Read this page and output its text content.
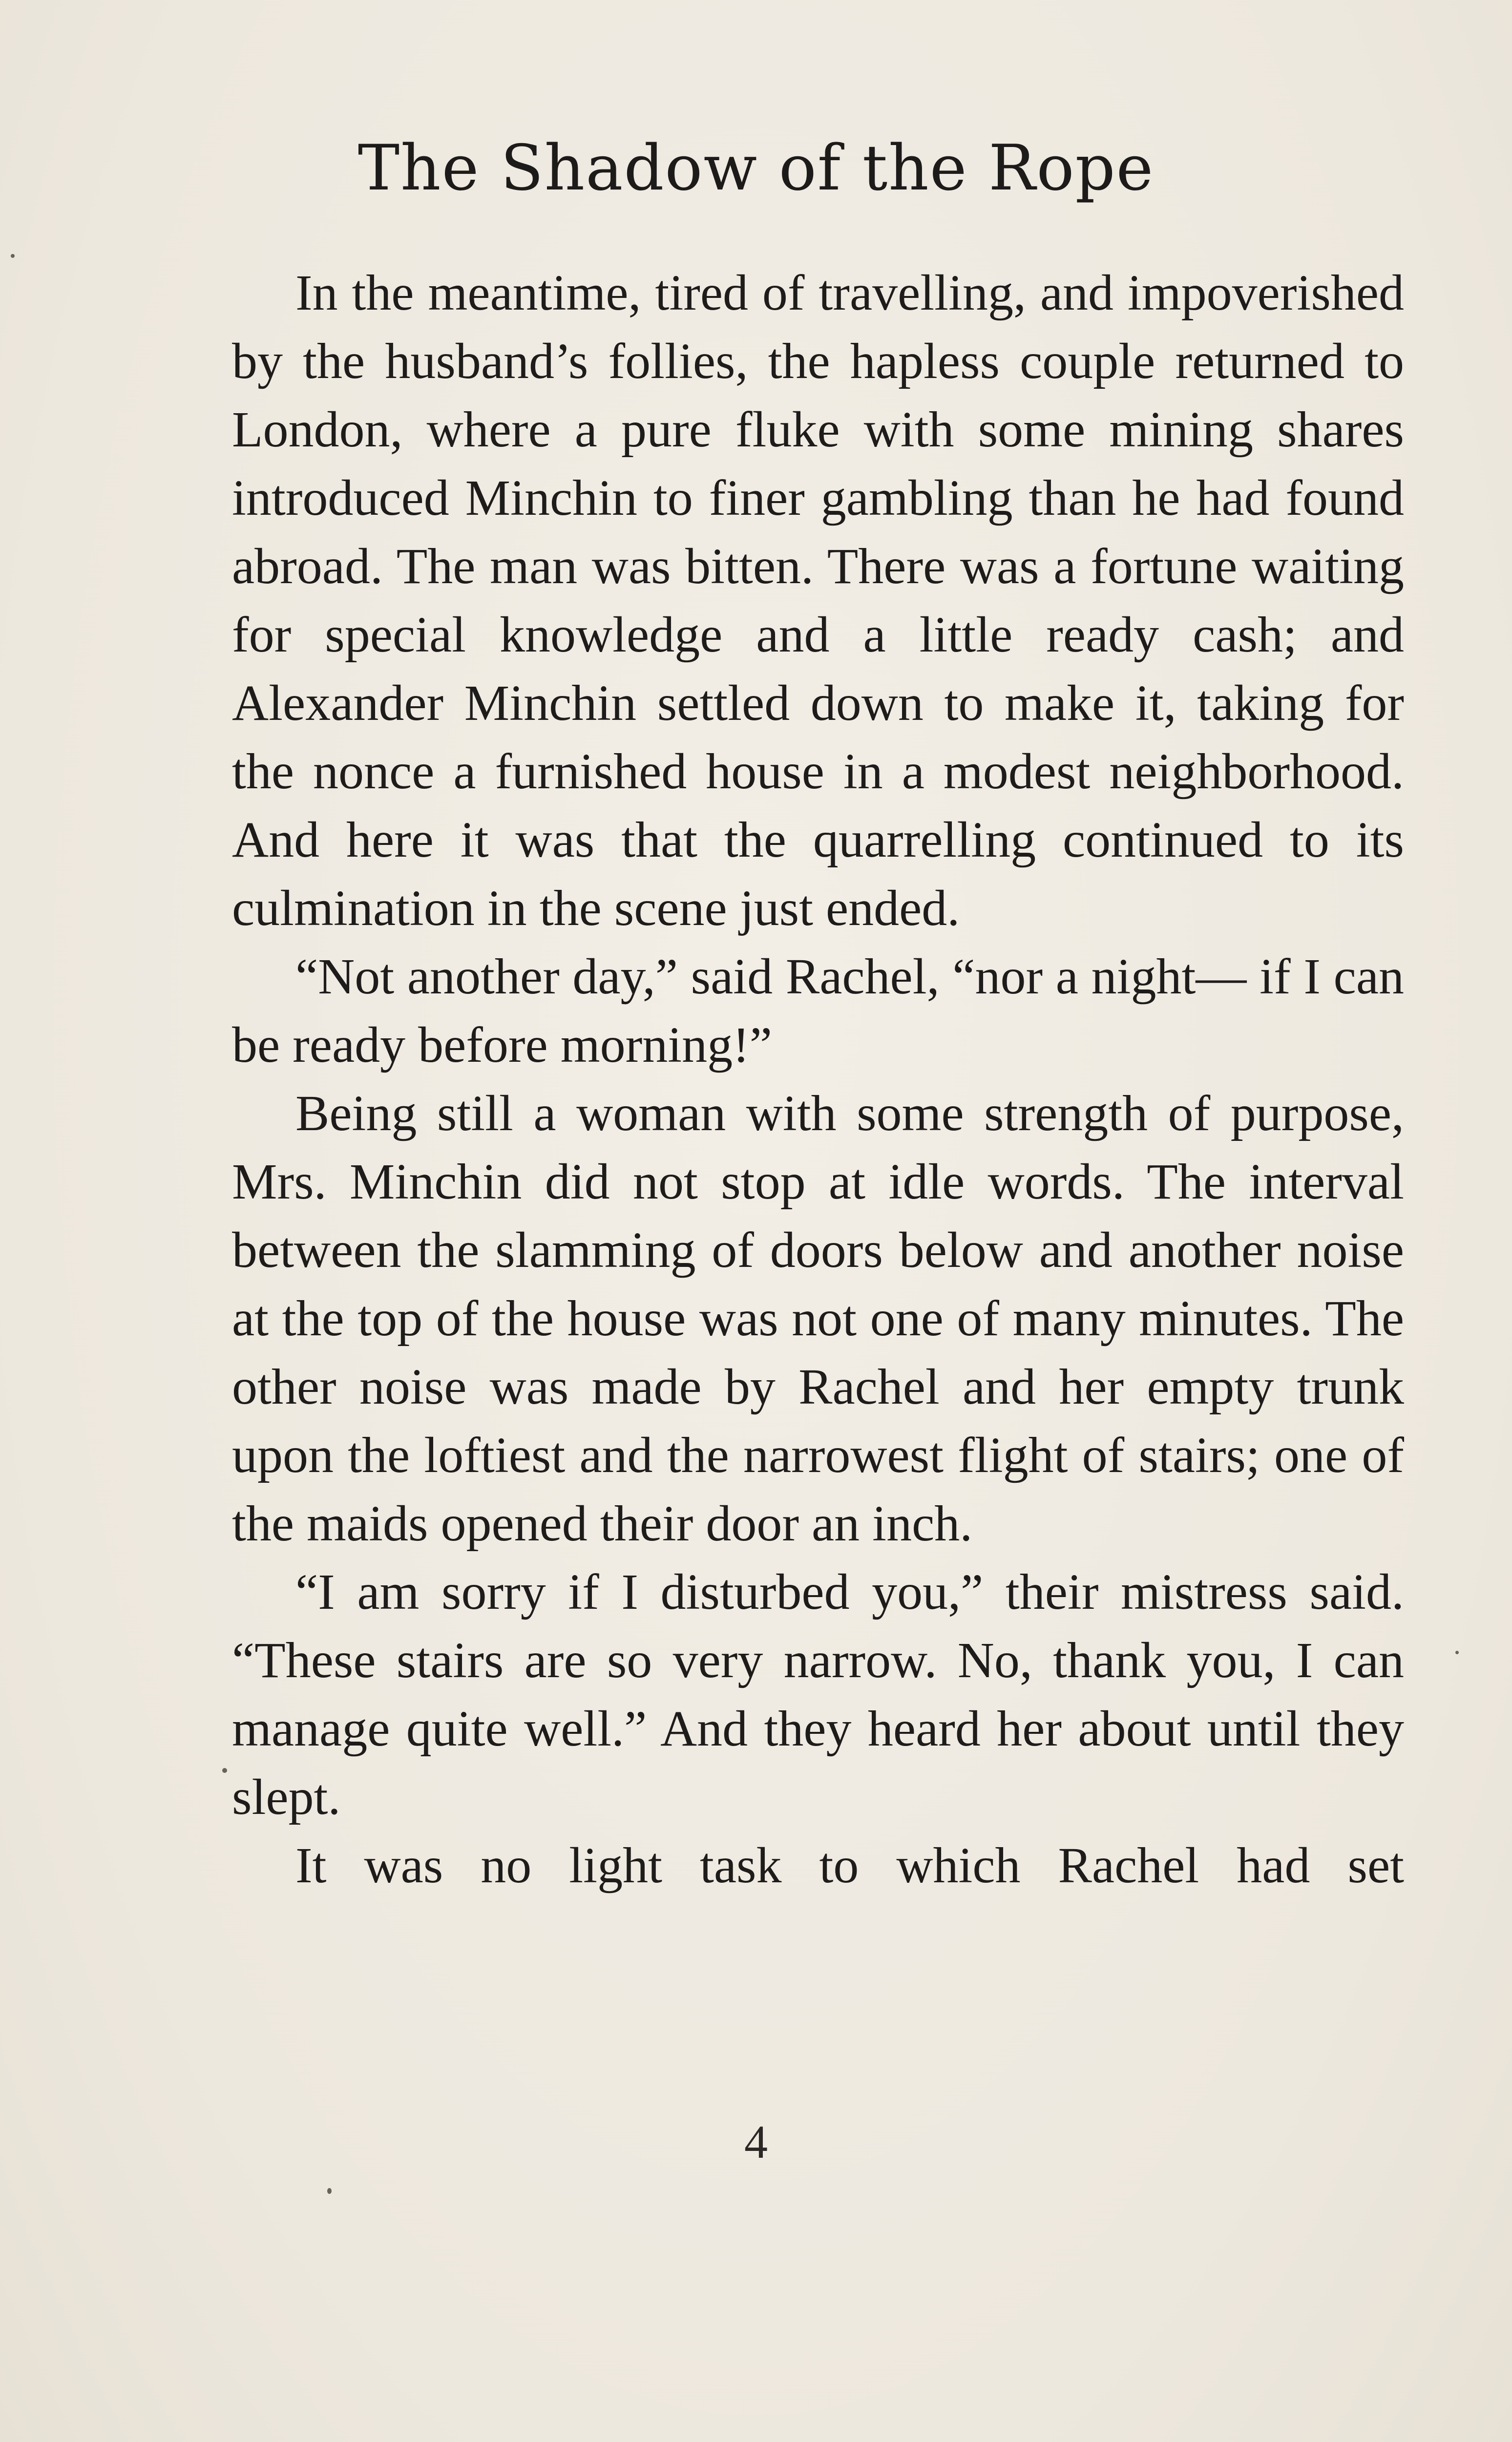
The Shadow of the Rope

In the meantime, tired of travelling, and impoverished by the husband’s follies, the hapless couple returned to London, where a pure fluke with some mining shares introduced Minchin to finer gambling than he had found abroad. The man was bitten. There was a fortune waiting for special knowledge and a little ready cash; and Alexander Minchin settled down to make it, taking for the nonce a furnished house in a modest neighborhood. And here it was that the quarrelling continued to its culmination in the scene just ended.

“Not another day,” said Rachel, “nor a night— if I can be ready before morning!”

Being still a woman with some strength of purpose, Mrs. Minchin did not stop at idle words. The interval between the slamming of doors below and another noise at the top of the house was not one of many minutes. The other noise was made by Rachel and her empty trunk upon the loftiest and the narrowest flight of stairs; one of the maids opened their door an inch.

“I am sorry if I disturbed you,” their mistress said. “These stairs are so very narrow. No, thank you, I can manage quite well.” And they heard her about until they slept.

It was no light task to which Rachel had set

4
